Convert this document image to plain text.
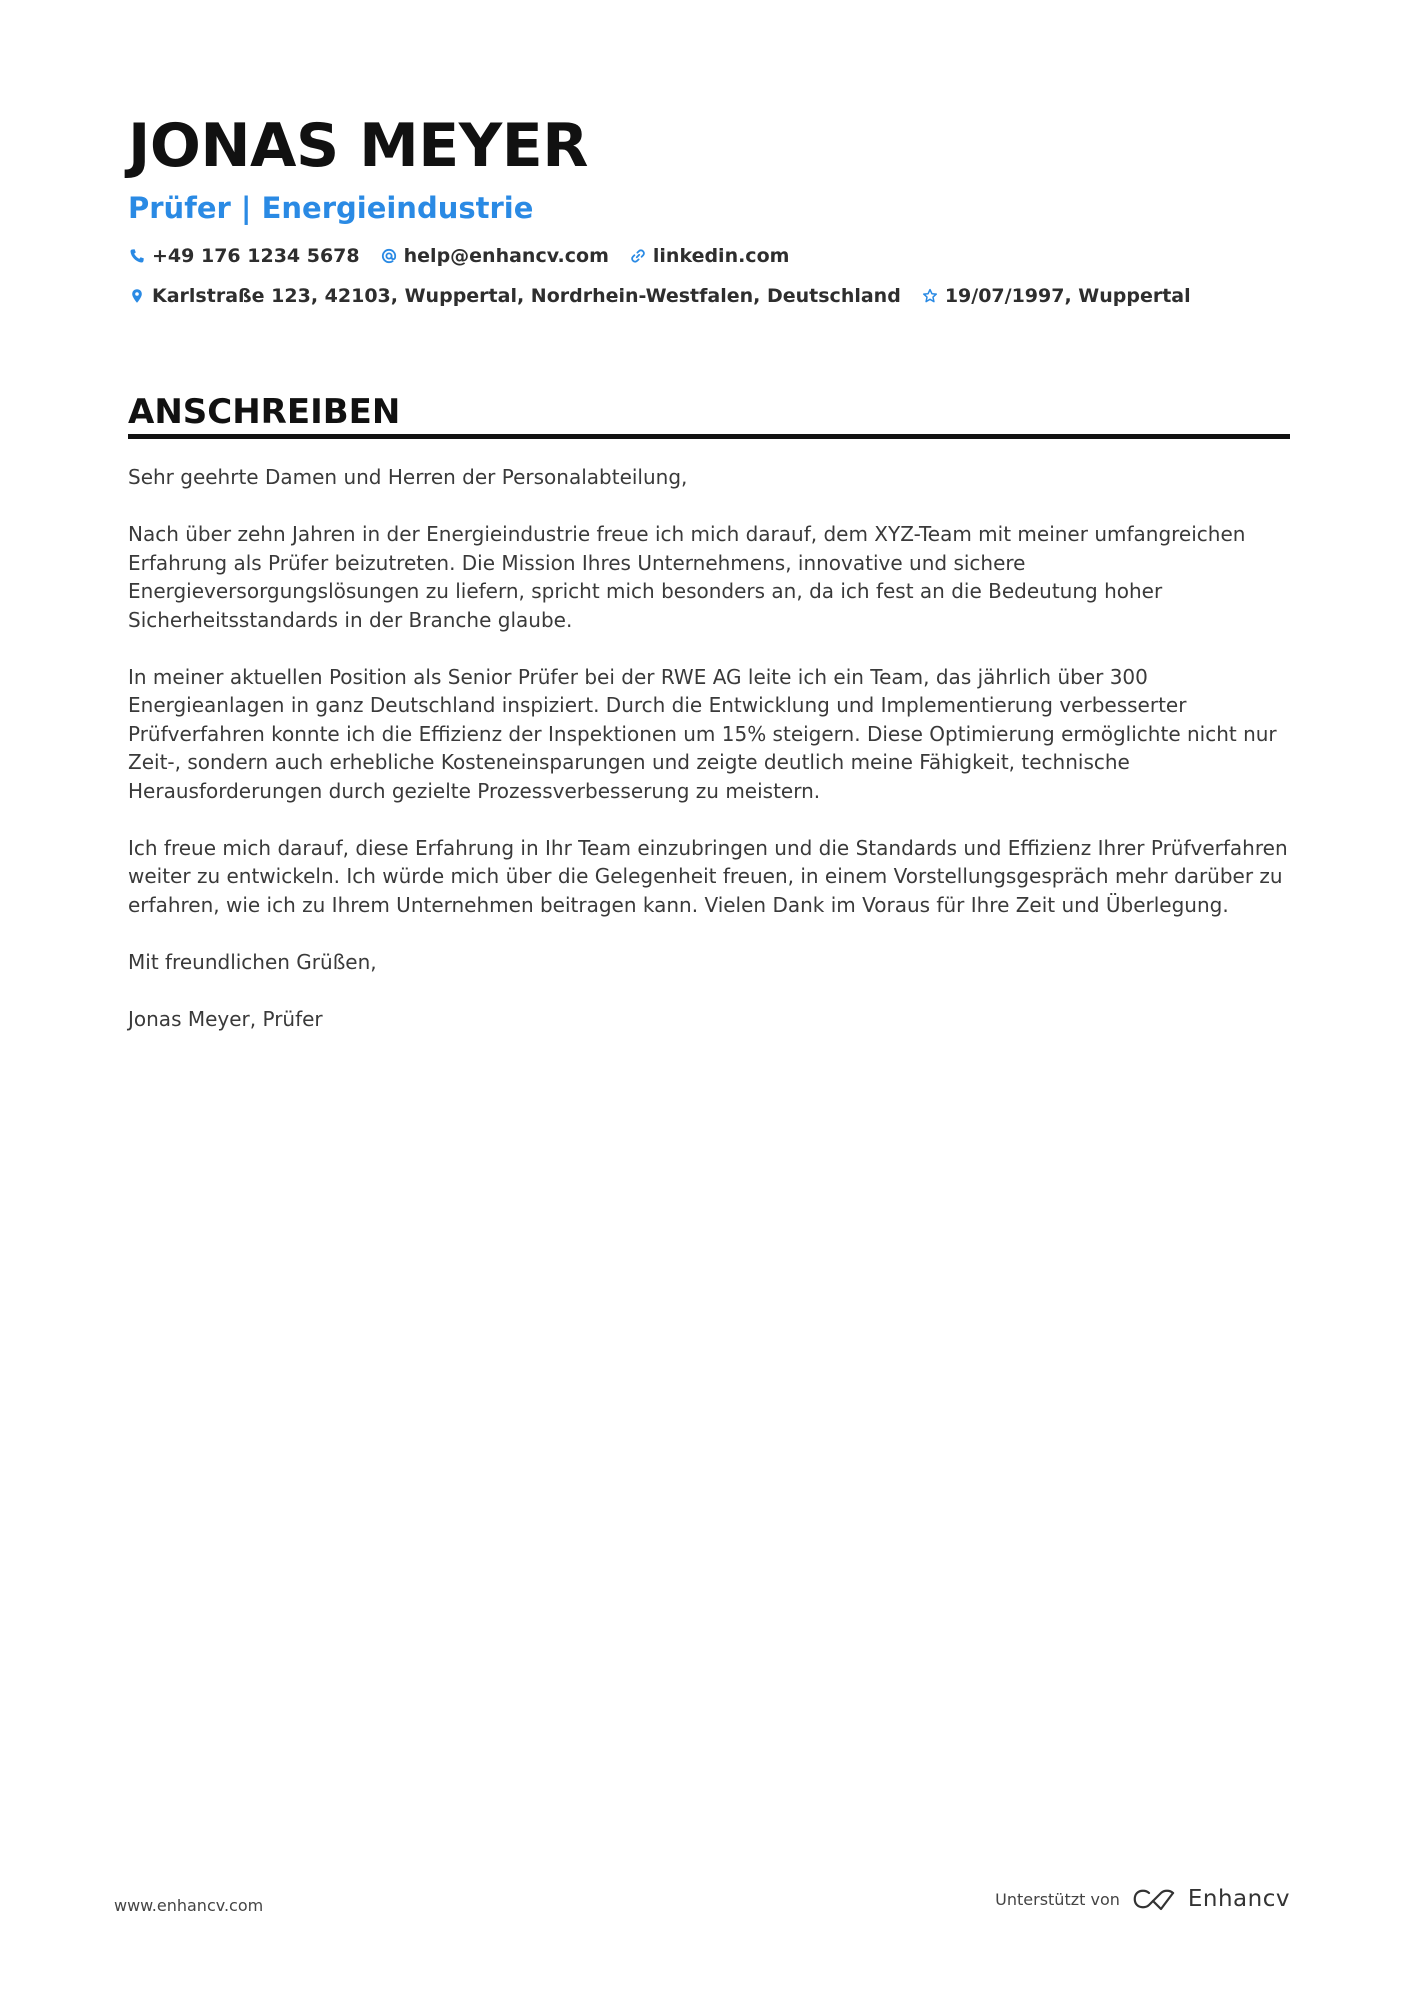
JONAS MEYER
Prüfer | Energieindustrie
+49 176 1234 5678 help@enhancv.com linkedin.com
Karlstraße 123, 42103, Wuppertal, Nordrhein-Westfalen, Deutschland 19/07/1997, Wuppertal
ANSCHREIBEN

Sehr geehrte Damen und Herren der Personalabteilung,

Nach über zehn Jahren in der Energieindustrie freue ich mich darauf, dem XYZ-Team mit meiner umfangreichen Erfahrung als Prüfer beizutreten. Die Mission Ihres Unternehmens, innovative und sichere Energieversorgungslösungen zu liefern, spricht mich besonders an, da ich fest an die Bedeutung hoher Sicherheitsstandards in der Branche glaube.

In meiner aktuellen Position als Senior Prüfer bei der RWE AG leite ich ein Team, das jährlich über 300 Energieanlagen in ganz Deutschland inspiziert. Durch die Entwicklung und Implementierung verbesserter Prüfverfahren konnte ich die Effizienz der Inspektionen um 15% steigern. Diese Optimierung ermöglichte nicht nur Zeit-, sondern auch erhebliche Kosteneinsparungen und zeigte deutlich meine Fähigkeit, technische Herausforderungen durch gezielte Prozessverbesserung zu meistern.

Ich freue mich darauf, diese Erfahrung in Ihr Team einzubringen und die Standards und Effizienz Ihrer Prüfverfahren weiter zu entwickeln. Ich würde mich über die Gelegenheit freuen, in einem Vorstellungsgespräch mehr darüber zu erfahren, wie ich zu Ihrem Unternehmen beitragen kann. Vielen Dank im Voraus für Ihre Zeit und Überlegung.

Mit freundlichen Grüßen,

Jonas Meyer, Prüfer

www.enhancv.com	Unterstützt von	Enhancv
